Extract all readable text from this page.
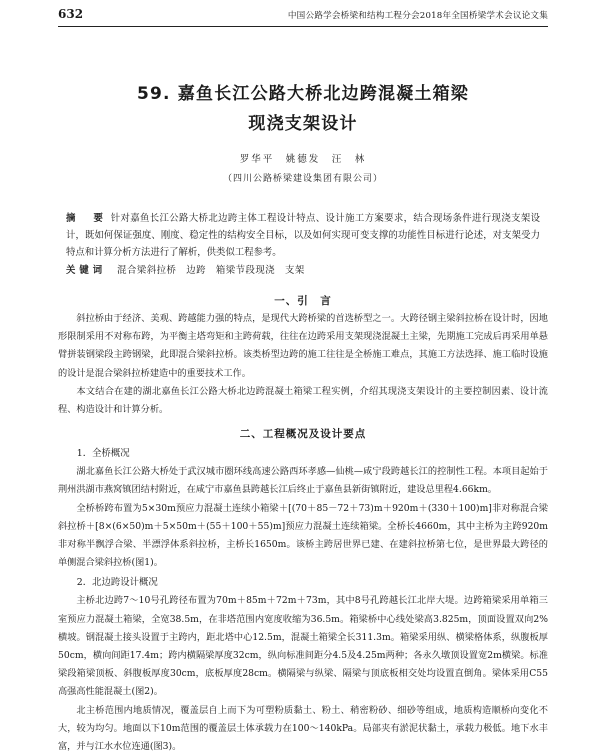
632	中国公路学会桥梁和结构工程分会2018年全国桥梁学术会议论文集
59. 嘉鱼长江公路大桥北边跨混凝土箱梁
现浇支架设计
罗华平　姚德发　汪　林
（四川公路桥梁建设集团有限公司）
摘　要 针对嘉鱼长江公路大桥北边跨主体工程设计特点、设计施工方案要求，结合现场条件进行现浇支架设计，既如何保证强度、刚度、稳定性的结构安全目标，以及如何实现可变支撑的功能性目标进行论述，对支架受力特点和计算分析方法进行了解析，供类似工程参考。
关键词 混合梁斜拉桥　边跨　箱梁节段现浇　支架
一、引　言

斜拉桥由于经济、美观、跨越能力强的特点，是现代大跨桥梁的首选桥型之一。大跨径钢主梁斜拉桥在设计时，因地形限制采用不对称布跨，为平衡主塔弯矩和主跨荷载，往往在边跨采用支架现浇混凝土主梁，先期施工完成后再采用单悬臂拼装钢梁段主跨钢梁，此即混合梁斜拉桥。该类桥型边跨的施工往往是全桥施工难点，其施工方法选择、施工临时设施的设计是混合梁斜拉桥建造中的重要技术工作。

本文结合在建的湖北嘉鱼长江公路大桥北边跨混凝土箱梁工程实例，介绍其现浇支架设计的主要控制因素、设计流程、构造设计和计算分析。

二、工程概况及设计要点
1．全桥概况

湖北嘉鱼长江公路大桥处于武汉城市圈环线高速公路西环孝感—仙桃—咸宁段跨越长江的控制性工程。本项目起始于荆州洪湖市燕窝镇团结村附近，在咸宁市嘉鱼县跨越长江后终止于嘉鱼县新街镇附近，建设总里程4.66km。

全桥桥跨布置为5×30m预应力混凝土连续小箱梁＋[(70＋85－72＋73)m＋920m＋(330＋100)m]非对称混合梁斜拉桥＋[8×(6×50)m＋5×50m＋(55＋100＋55)m]预应力混凝土连续箱梁。全桥长4660m，其中主桥为主跨920m非对称半飘浮合梁、半漂浮体系斜拉桥，主桥长1650m。该桥主跨居世界已建、在建斜拉桥第七位，是世界最大跨径的单侧混合梁斜拉桥(图1)。

2．北边跨设计概况

主桥北边跨7～10号孔跨径布置为70m＋85m＋72m＋73m，其中8号孔跨越长江北岸大堤。边跨箱梁采用单箱三室预应力混凝土箱梁，全宽38.5m，在非塔范围内宽度收缩为36.5m。箱梁桥中心线处梁高3.825m，顶面设置双向2%横坡。钢混凝土接头设置于主跨内，距北塔中心12.5m，混凝土箱梁全长311.3m。箱梁采用纵、横梁格体系，纵腹板厚50cm，横向间距17.4m；跨内横隔梁厚度32cm，纵向标准间距分4.5及4.25m两种；各永久墩顶设置宽2m横梁。标准梁段箱梁顶板、斜腹板厚度30cm，底板厚度28cm。横隔梁与纵梁、隔梁与顶底板相交处均设置直倒角。梁体采用C55高强高性能混凝土(图2)。

北主桥范围内地质情况，覆盖层自上而下为可塑粉质黏土、粉土、稍密粉砂、细砂等组成，地质构造顺桥向变化不大，较为均匀。地面以下10m范围的覆盖层土体承载力在100～140kPa。局部夹有淤泥状黏土，承载力极低。地下水丰富，并与江水水位连通(图3)。
